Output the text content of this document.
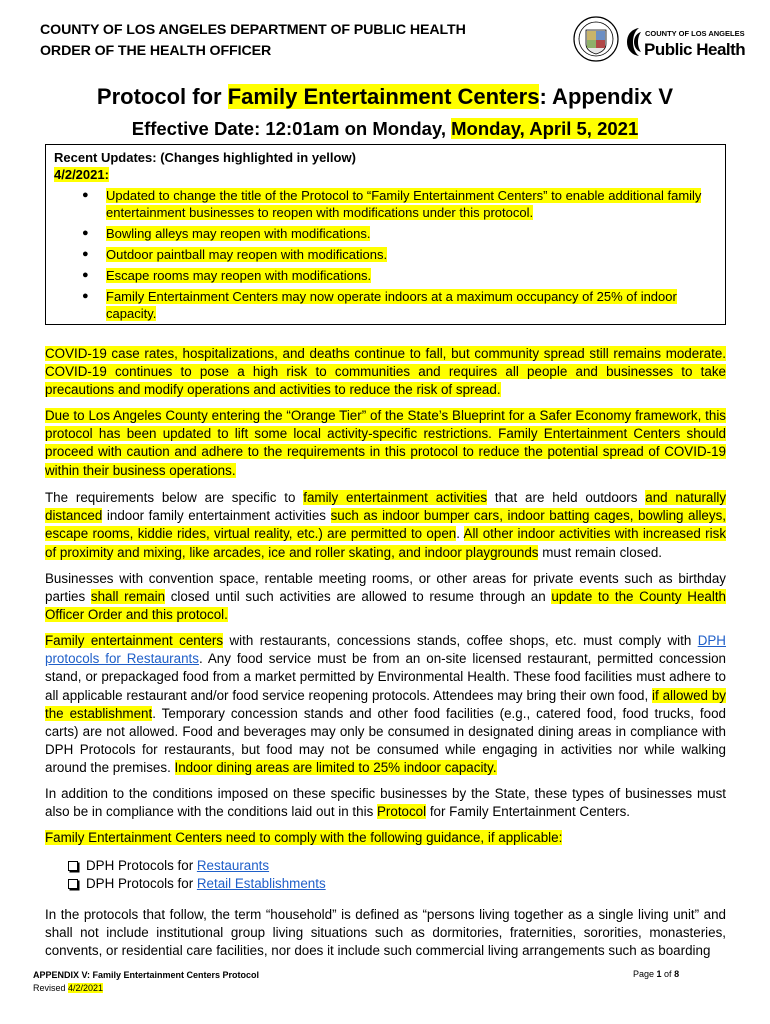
COUNTY OF LOS ANGELES DEPARTMENT OF PUBLIC HEALTH
ORDER OF THE HEALTH OFFICER
COUNTY OF LOS ANGELES
Public Health
Protocol for Family Entertainment Centers: Appendix V
Effective Date: 12:01am on Monday, Monday, April 5, 2021
Recent Updates: (Changes highlighted in yellow)
4/2/2021:
● Updated to change the title of the Protocol to “Family Entertainment Centers” to enable additional family entertainment businesses to reopen with modifications under this protocol.
● Bowling alleys may reopen with modifications.
● Outdoor paintball may reopen with modifications.
● Escape rooms may reopen with modifications.
● Family Entertainment Centers may now operate indoors at a maximum occupancy of 25% of indoor capacity.
COVID-19 case rates, hospitalizations, and deaths continue to fall, but community spread still remains moderate. COVID-19 continues to pose a high risk to communities and requires all people and businesses to take precautions and modify operations and activities to reduce the risk of spread.
Due to Los Angeles County entering the “Orange Tier” of the State’s Blueprint for a Safer Economy framework, this protocol has been updated to lift some local activity-specific restrictions. Family Entertainment Centers should proceed with caution and adhere to the requirements in this protocol to reduce the potential spread of COVID-19 within their business operations.
The requirements below are specific to family entertainment activities that are held outdoors and naturally distanced indoor family entertainment activities such as indoor bumper cars, indoor batting cages, bowling alleys, escape rooms, kiddie rides, virtual reality, etc.) are permitted to open. All other indoor activities with increased risk of proximity and mixing, like arcades, ice and roller skating, and indoor playgrounds must remain closed.
Businesses with convention space, rentable meeting rooms, or other areas for private events such as birthday parties shall remain closed until such activities are allowed to resume through an update to the County Health Officer Order and this protocol.
Family entertainment centers with restaurants, concessions stands, coffee shops, etc. must comply with DPH protocols for Restaurants. Any food service must be from an on-site licensed restaurant, permitted concession stand, or prepackaged food from a market permitted by Environmental Health. These food facilities must adhere to all applicable restaurant and/or food service reopening protocols. Attendees may bring their own food, if allowed by the establishment. Temporary concession stands and other food facilities (e.g., catered food, food trucks, food carts) are not allowed. Food and beverages may only be consumed in designated dining areas in compliance with DPH Protocols for restaurants, but food may not be consumed while engaging in activities nor while walking around the premises. Indoor dining areas are limited to 25% indoor capacity.
In addition to the conditions imposed on these specific businesses by the State, these types of businesses must also be in compliance with the conditions laid out in this Protocol for Family Entertainment Centers.
Family Entertainment Centers need to comply with the following guidance, if applicable:
DPH Protocols for Restaurants
DPH Protocols for Retail Establishments
In the protocols that follow, the term “household” is defined as “persons living together as a single living unit” and shall not include institutional group living situations such as dormitories, fraternities, sororities, monasteries, convents, or residential care facilities, nor does it include such commercial living arrangements such as boarding
APPENDIX V: Family Entertainment Centers Protocol
Revised 4/2/2021
Page 1 of 8
